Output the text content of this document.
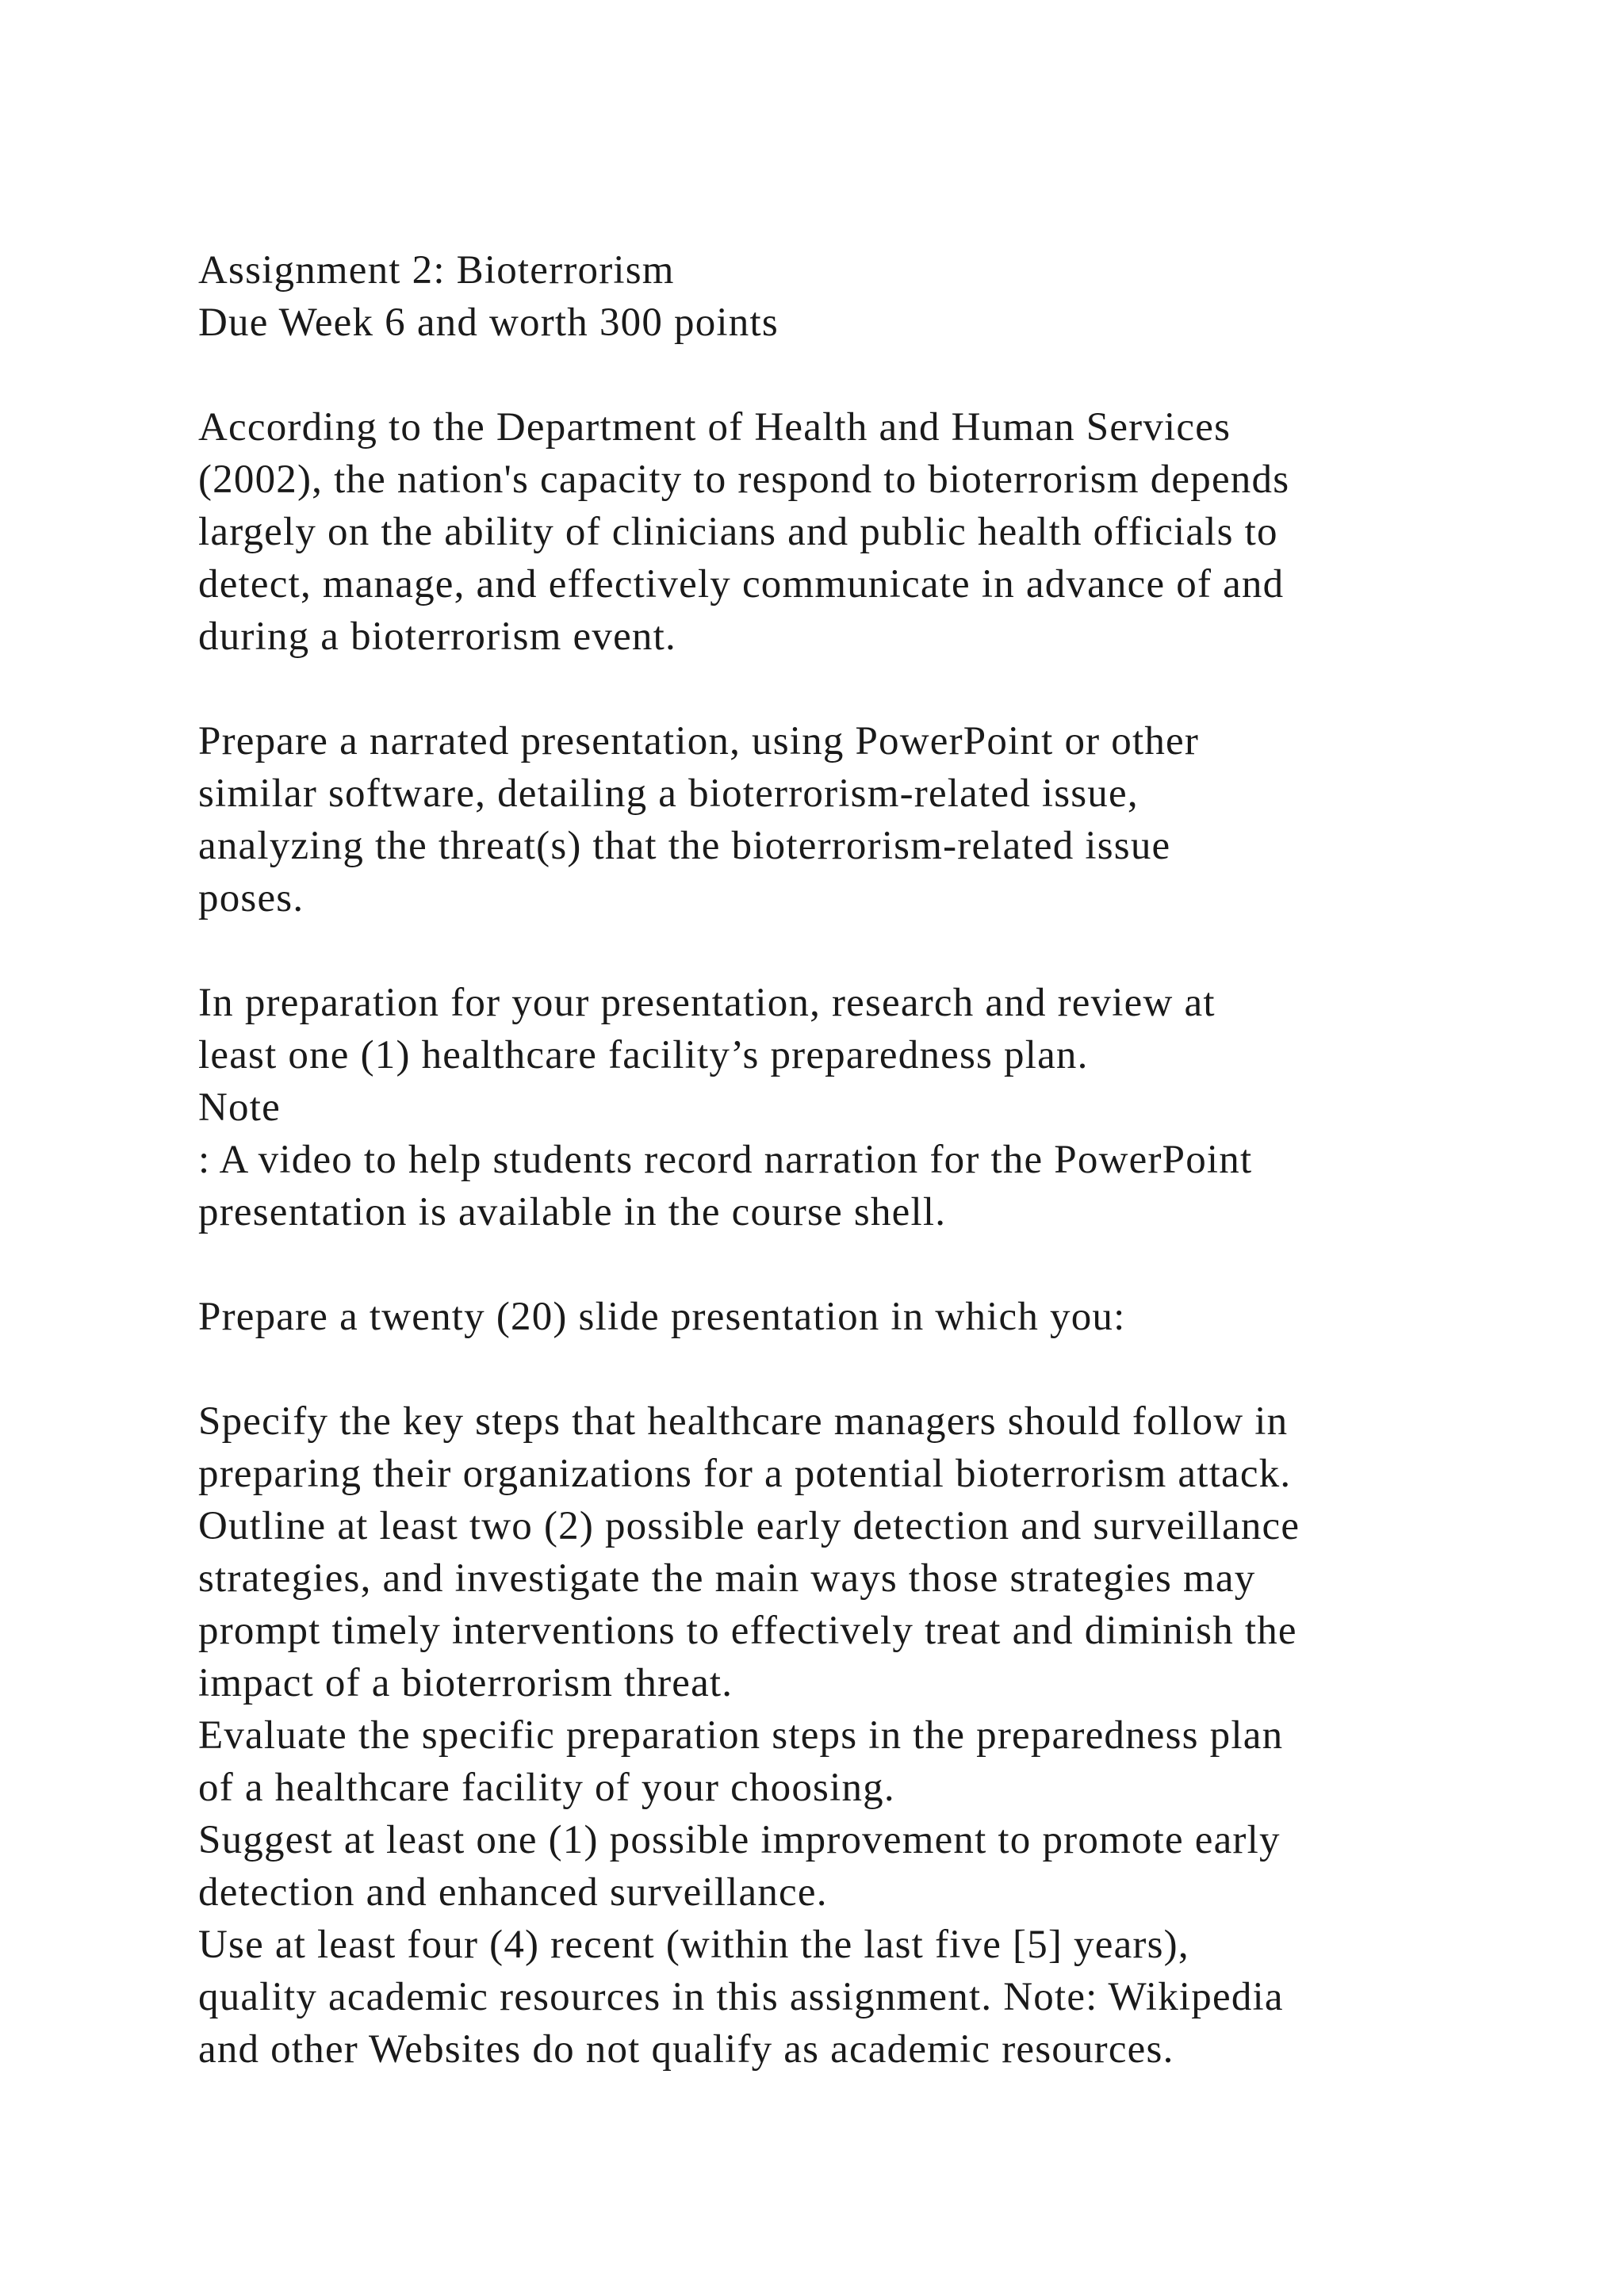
Assignment 2: Bioterrorism
Due Week 6 and worth 300 points
According to the Department of Health and Human Services
(2002), the nation's capacity to respond to bioterrorism depends
largely on the ability of clinicians and public health officials to
detect, manage, and effectively communicate in advance of and
during a bioterrorism event.
Prepare a narrated presentation, using PowerPoint or other
similar software, detailing a bioterrorism-related issue,
analyzing the threat(s) that the bioterrorism-related issue
poses.
In preparation for your presentation, research and review at
least one (1) healthcare facility’s preparedness plan.
Note
: A video to help students record narration for the PowerPoint
presentation is available in the course shell.
Prepare a twenty (20) slide presentation in which you:
Specify the key steps that healthcare managers should follow in
preparing their organizations for a potential bioterrorism attack.
Outline at least two (2) possible early detection and surveillance
strategies, and investigate the main ways those strategies may
prompt timely interventions to effectively treat and diminish the
impact of a bioterrorism threat.
Evaluate the specific preparation steps in the preparedness plan
of a healthcare facility of your choosing.
Suggest at least one (1) possible improvement to promote early
detection and enhanced surveillance.
Use at least four (4) recent (within the last five [5] years),
quality academic resources in this assignment. Note: Wikipedia
and other Websites do not qualify as academic resources.
